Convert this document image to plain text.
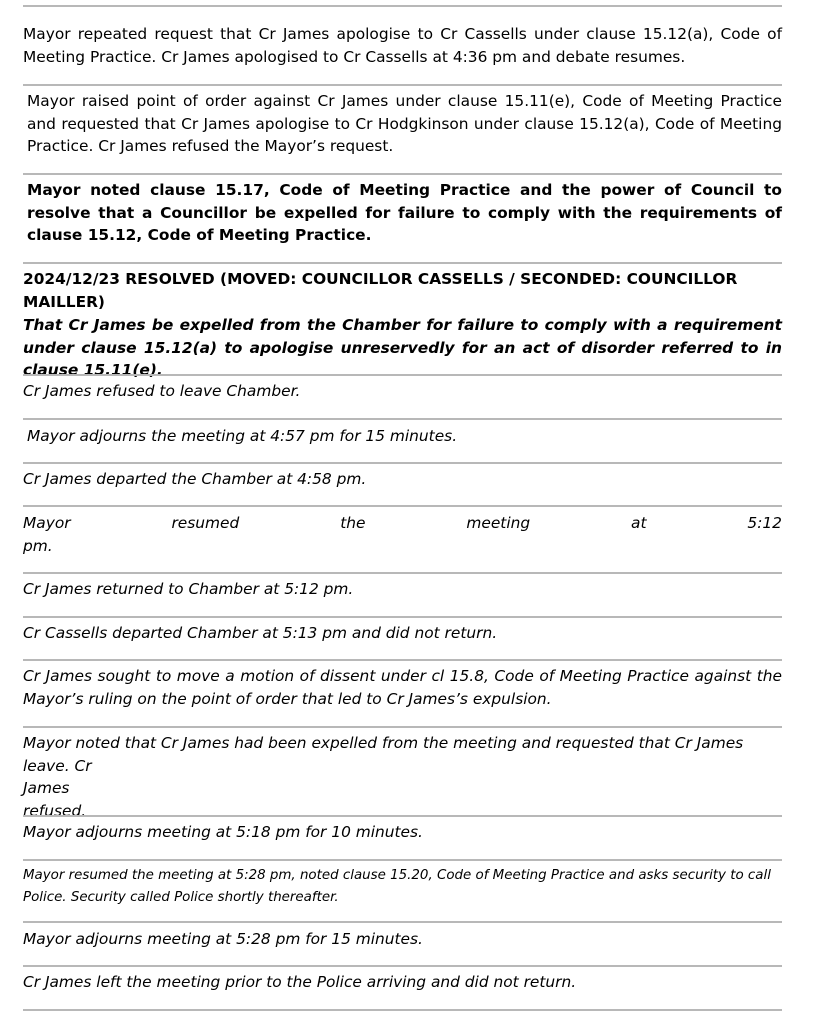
Mayor repeated request that Cr James apologise to Cr Cassells under clause 15.12(a), Code of Meeting Practice. Cr James apologised to Cr Cassells at 4:36 pm and debate resumes.
Mayor raised point of order against Cr James under clause 15.11(e), Code of Meeting Practice and requested that Cr James apologise to Cr Hodgkinson under clause 15.12(a), Code of Meeting Practice. Cr James refused the Mayor’s request.
Mayor noted clause 15.17, Code of Meeting Practice and the power of Council to resolve that a Councillor be expelled for failure to comply with the requirements of clause 15.12, Code of Meeting Practice.
2024/12/23 RESOLVED (MOVED: COUNCILLOR CASSELLS / SECONDED: COUNCILLOR MAILLER)
That Cr James be expelled from the Chamber for failure to comply with a requirement under clause 15.12(a) to apologise unreservedly for an act of disorder referred to in clause 15.11(e).
Cr James refused to leave Chamber.
Mayor adjourns the meeting at 4:57 pm for 15 minutes.
Cr James departed the Chamber at 4:58 pm.
Mayor	resumed	the	meeting	at	5:12
pm.
Cr James returned to Chamber at 5:12 pm.
Cr Cassells departed Chamber at 5:13 pm and did not return.
Cr James sought to move a motion of dissent under cl 15.8, Code of Meeting Practice against the Mayor’s ruling on the point of order that led to Cr James’s expulsion.
Mayor noted that Cr James had been expelled from the meeting and requested that Cr James leave. Cr
James
refused.
Mayor adjourns meeting at 5:18 pm for 10 minutes.
Mayor resumed the meeting at 5:28 pm, noted clause 15.20, Code of Meeting Practice and asks security to call Police. Security called Police shortly thereafter.
Mayor adjourns meeting at 5:28 pm for 15 minutes.
Cr James left the meeting prior to the Police arriving and did not return.
